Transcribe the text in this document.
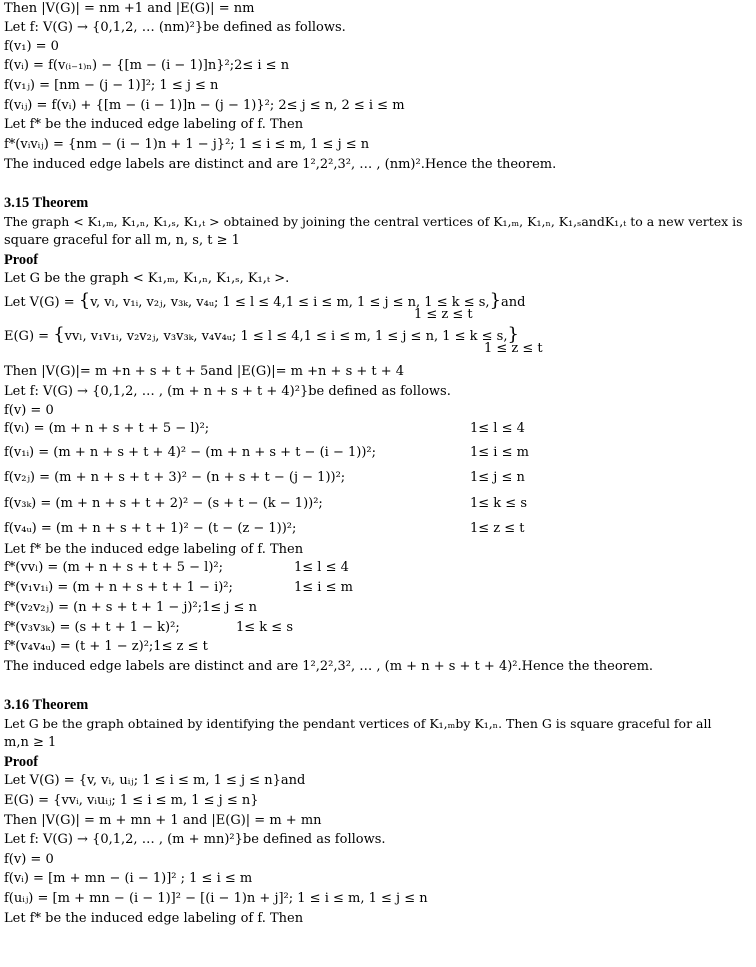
Then |V(G)| = nm +1 and |E(G)| = nm
Let f: V(G) → {0,1,2, … (nm)²}be defined as follows.
f(v₁) = 0
f(vᵢ) = f(v₍ᵢ₋₁₎ₙ) − {[m − (i − 1)]n}²;2≤ i ≤ n
f(v₁ⱼ) = [nm − (j − 1)]²; 1 ≤ j ≤ n
f(vᵢⱼ) = f(vᵢ) + {[m − (i − 1)]n − (j − 1)}²; 2≤ j ≤ n, 2 ≤ i ≤ m
Let f* be the induced edge labeling of f. Then
f*(vᵢvᵢⱼ) = {nm − (i − 1)n + 1 − j}²; 1 ≤ i ≤ m, 1 ≤ j ≤ n
The induced edge labels are distinct and are 1²,2²,3², … , (nm)².Hence the theorem.
3.15 Theorem
The graph < K₁,ₘ, K₁,ₙ, K₁,ₛ, K₁,ₜ > obtained by joining the central vertices of K₁,ₘ, K₁,ₙ, K₁,ₛandK₁,ₜ to a new vertex is
square graceful for all m, n, s, t ≥ 1
Proof
Let G be the graph < K₁,ₘ, K₁,ₙ, K₁,ₛ, K₁,ₜ >.
Let V(G) = {v, vₗ, v₁ᵢ, v₂ⱼ, v₃ₖ, v₄ᵤ; 1 ≤ l ≤ 4,1 ≤ i ≤ m, 1 ≤ j ≤ n, 1 ≤ k ≤ s,}and
1 ≤ z ≤ t
E(G) = {vvₗ, v₁v₁ᵢ, v₂v₂ⱼ, v₃v₃ₖ, v₄v₄ᵤ; 1 ≤ l ≤ 4,1 ≤ i ≤ m, 1 ≤ j ≤ n, 1 ≤ k ≤ s,}
1 ≤ z ≤ t
Then |V(G)|= m +n + s + t + 5and |E(G)|= m +n + s + t + 4
Let f: V(G) → {0,1,2, … , (m + n + s + t + 4)²}be defined as follows.
f(v) = 0
f(vₗ) = (m + n + s + t + 5 − l)²;	1≤ l ≤ 4
f(v₁ᵢ) = (m + n + s + t + 4)² − (m + n + s + t − (i − 1))²;	1≤ i ≤ m
f(v₂ⱼ) = (m + n + s + t + 3)² − (n + s + t − (j − 1))²;	1≤ j ≤ n
f(v₃ₖ) = (m + n + s + t + 2)² − (s + t − (k − 1))²;	1≤ k ≤ s
f(v₄ᵤ) = (m + n + s + t + 1)² − (t − (z − 1))²;	1≤ z ≤ t
Let f* be the induced edge labeling of f. Then
f*(vvₗ) = (m + n + s + t + 5 − l)²;	1≤ l ≤ 4
f*(v₁v₁ᵢ) = (m + n + s + t + 1 − i)²;	1≤ i ≤ m
f*(v₂v₂ⱼ) = (n + s + t + 1 − j)²;1≤ j ≤ n
f*(v₃v₃ₖ) = (s + t + 1 − k)²;	1≤ k ≤ s
f*(v₄v₄ᵤ) = (t + 1 − z)²;1≤ z ≤ t
The induced edge labels are distinct and are 1²,2²,3², … , (m + n + s + t + 4)².Hence the theorem.
3.16 Theorem
Let G be the graph obtained by identifying the pendant vertices of K₁,ₘby K₁,ₙ. Then G is square graceful for all
m,n ≥ 1
Proof
Let V(G) = {v, vᵢ, uᵢⱼ; 1 ≤ i ≤ m, 1 ≤ j ≤ n}and
E(G) = {vvᵢ, vᵢuᵢⱼ; 1 ≤ i ≤ m, 1 ≤ j ≤ n}
Then |V(G)| = m + mn + 1 and |E(G)| = m + mn
Let f: V(G) → {0,1,2, … , (m + mn)²}be defined as follows.
f(v) = 0
f(vᵢ) = [m + mn − (i − 1)]² ; 1 ≤ i ≤ m
f(uᵢⱼ) = [m + mn − (i − 1)]² − [(i − 1)n + j]²; 1 ≤ i ≤ m, 1 ≤ j ≤ n
Let f* be the induced edge labeling of f. Then
